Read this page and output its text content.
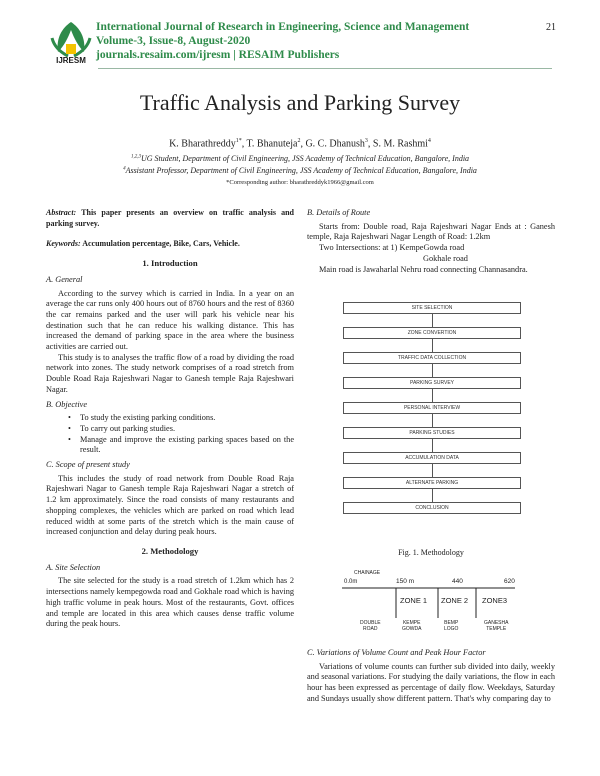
IJRESM
International Journal of Research in Engineering, Science and Management
Volume-3, Issue-8, August-2020
journals.resaim.com/ijresm | RESAIM Publishers
21
Traffic Analysis and Parking Survey
K. Bharathreddy$^{1*}$, T. Bhanuteja$^2$, G. C. Dhanush$^3$, S. M. Rashmi$^4$
$^{1,2,3}$UG Student, Department of Civil Engineering, JSS Academy of Technical Education, Bangalore, India
$^4$Assistant Professor, Department of Civil Engineering, JSS Academy of Technical Education, Bangalore, India
*Corresponding author: bharathreddyk1966@gmail.com

Abstract: This paper presents an overview on traffic analysis and parking survey.

Keywords: Accumulation percentage, Bike, Cars, Vehicle.

1. Introduction
A. General

According to the survey which is carried in India. In a year on an average the car runs only 400 hours out of 8760 hours and the rest of 8360 the car remains parked and the user will park his vehicle near his destination such that he can reduce his walking distance. This has increased the demand of parking space in the area where the business activities are carried out.

This study is to analyses the traffic flow of a road by dividing the road network into zones. The study network comprises of a road stretch from Double Road Raja Rajeshwari Nagar to Ganesh temple Raja Rajeshwari Nagar.

B. Objective
• To study the existing parking conditions.
• To carry out parking studies.
• Manage and improve the existing parking spaces based on the result.
C. Scope of present study

This includes the study of road network from Double Road Raja Rajeshwari Nagar to Ganesh temple Raja Rajeshwari Nagar a stretch of 1.2 km approximately. Since the road consists of many restaurants and shopping complexes, the vehicles which are parked on road which lead reduced width at some parts of the stretch which is the main cause of increased conjunction and delay during peak hours.

2. Methodology
A. Site Selection

The site selected for the study is a road stretch of 1.2km which has 2 intersections namely kempegowda road and Gokhale road which is having high traffic volume in peak hours. Most of the restaurants, Govt. offices and temple are located in this area which causes dense traffic volume during the peak hours.

B. Details of Route

Starts from: Double road, Raja Rajeshwari Nagar Ends at : Ganesh temple, Raja Rajeshwari Nagar Length of Road: 1.2km

Two Intersections: at 1) KempeGowda road

Gokhale road

Main road is Jawaharlal Nehru road connecting Channasandra.

SITE SELECTION
ZONE CONVERTION
TRAFFIC DATA COLLECTION
PARKING SURVEY
PERSONAL INTERVIEW
PARKING STUDIES
ACCUMULATION DATA
ALTERNATE PARKING
CONCLUSION
Fig. 1. Methodology
CHAINAGE
0.0m	150 m	440	620
ZONE 1 ZONE 2 ZONE3
DOUBLE
ROAD
KEMPE
GOWDA
BEMP
LOGO
GANESHA
TEMPLE
C. Variations of Volume Count and Peak Hour Factor

Variations of volume counts can further sub divided into daily, weekly and seasonal variations. For studying the daily variations, the flow in each hour has been expressed as percentage of daily flow. Weekdays, Saturday and Sundays usually show different pattern. That's why comparing day to
